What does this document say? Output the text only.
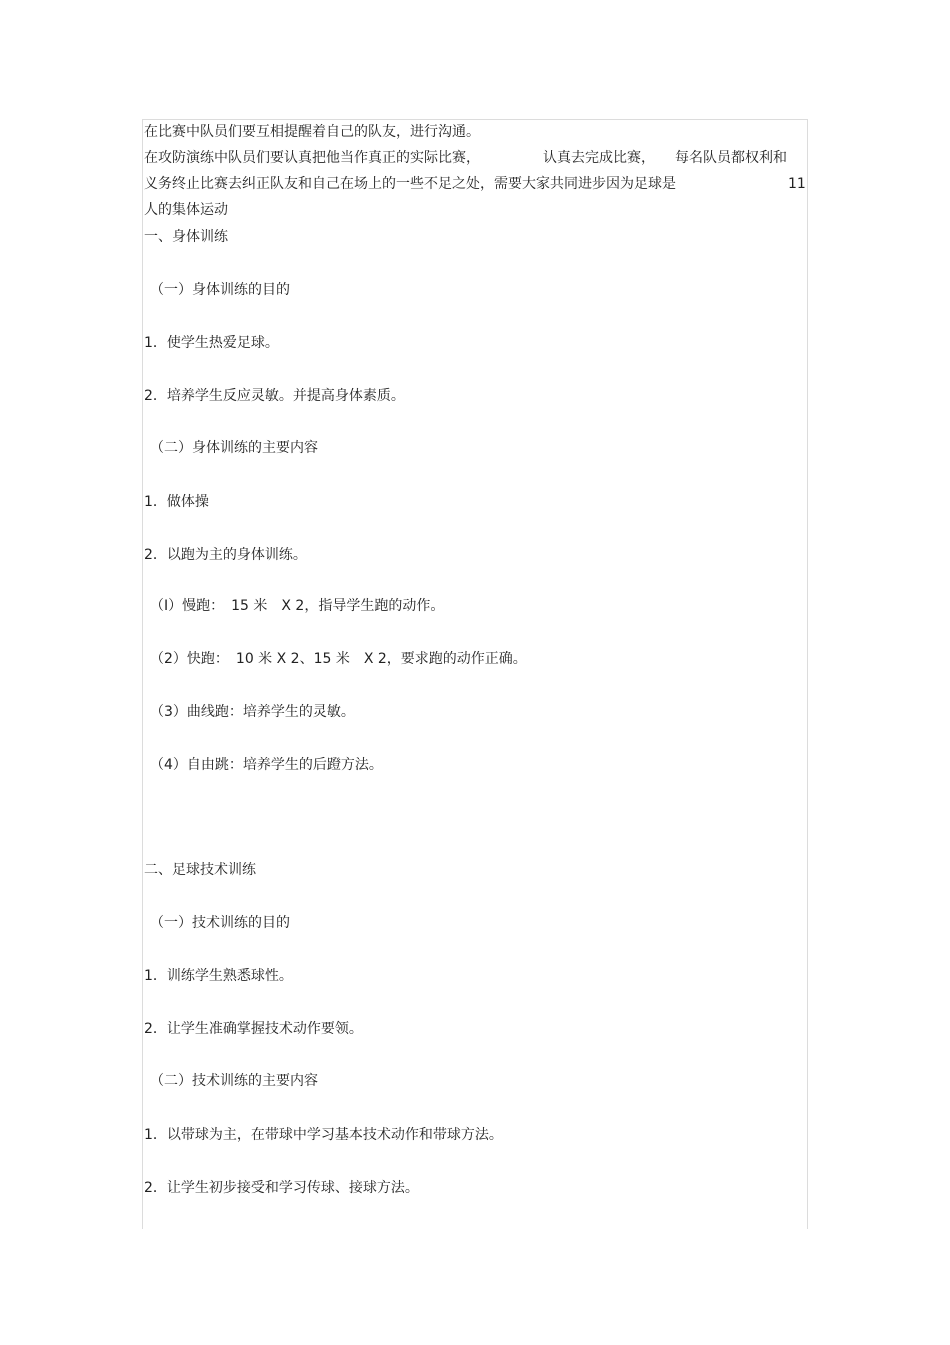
在比赛中队员们要互相提醒着自己的队友，进行沟通。
在攻防演练中队员们要认真把他当作真正的实际比赛，	认真去完成比赛， 每名队员都权利和
义务终止比赛去纠正队友和自己在场上的一些不足之处，需要大家共同进步因为足球是	11
人的集体运动
一、身体训练
（一）身体训练的目的
1．使学生热爱足球。
2．培养学生反应灵敏。并提高身体素质。
（二）身体训练的主要内容
1．做体操
2．以跑为主的身体训练。
（I）慢跑：　15 米　X 2，指导学生跑的动作。
（2）快跑：　10 米 X 2、15 米　X 2，要求跑的动作正确。
（3）曲线跑：培养学生的灵敏。
（4）自由跳：培养学生的后蹬方法。
二、足球技术训练
（一）技术训练的目的
1．训练学生熟悉球性。
2．让学生准确掌握技术动作要领。
（二）技术训练的主要内容
1．以带球为主，在带球中学习基本技术动作和带球方法。
2．让学生初步接受和学习传球、接球方法。
